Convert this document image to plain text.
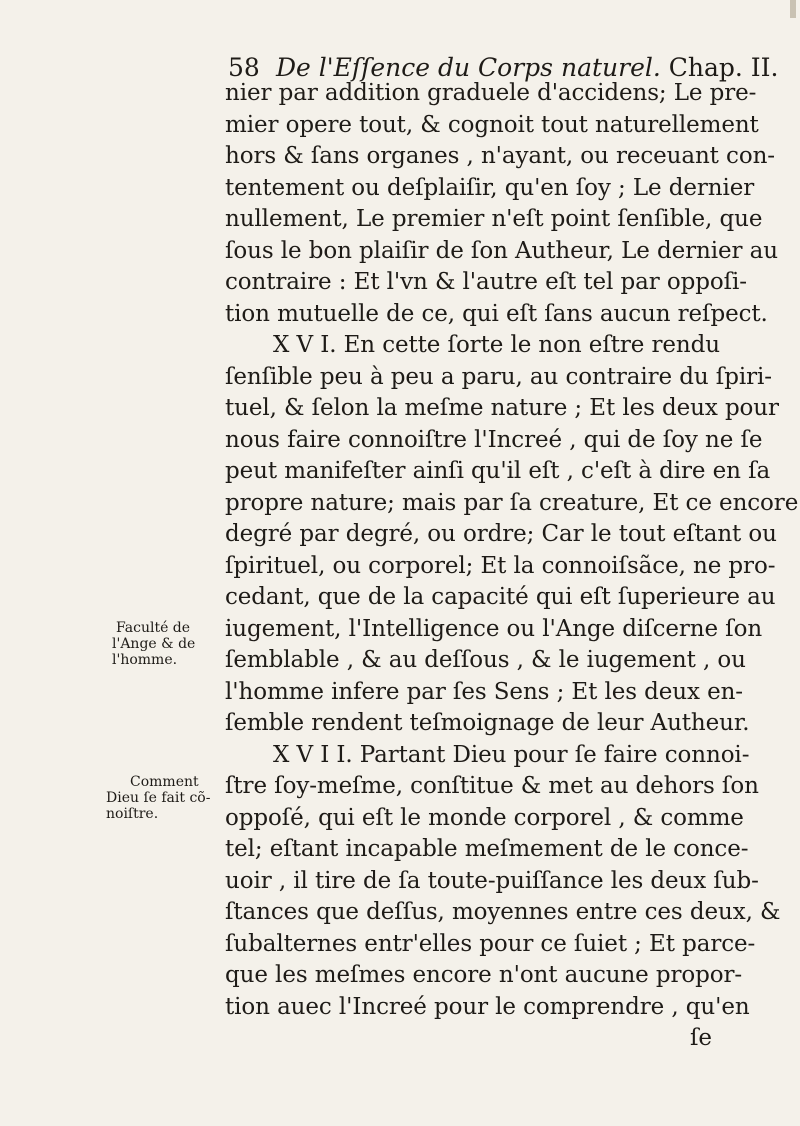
58 De l'Eſſence du Corps naturel. Chap. II.
nier par addition graduele d'accidens; Le pre-
mier opere tout, & cognoit tout naturellement
hors & ſans organes , n'ayant, ou receuant con-
tentement ou deſplaiſir, qu'en ſoy ; Le dernier
nullement, Le premier n'eſt point ſenſible, que
ſous le bon plaiſir de ſon Autheur, Le dernier au
contraire : Et l'vn & l'autre eſt tel par oppoſi-
tion mutuelle de ce, qui eſt ſans aucun reſpect.
X V I. En cette ſorte le non eſtre rendu
ſenſible peu à peu a paru, au contraire du ſpiri-
tuel, & ſelon la meſme nature ; Et les deux pour
nous faire connoiſtre l'Increé , qui de ſoy ne ſe
peut manifeſter ainſi qu'il eſt , c'eſt à dire en ſa
propre nature; mais par ſa creature, Et ce encore
degré par degré, ou ordre; Car le tout eſtant ou
ſpirituel, ou corporel; Et la connoiſsãce, ne pro-
cedant, que de la capacité qui eſt ſuperieure au
iugement, l'Intelligence ou l'Ange diſcerne ſon
ſemblable , & au deſſous , & le iugement , ou
l'homme infere par ſes Sens ; Et les deux en-
ſemble rendent teſmoignage de leur Autheur.
X V I I. Partant Dieu pour ſe faire connoi-
ſtre ſoy-meſme, conſtitue & met au dehors ſon
oppoſé, qui eſt le monde corporel , & comme
tel; eſtant incapable meſmement de le conce-
uoir , il tire de ſa toute-puiſſance les deux ſub-
ſtances que deſſus, moyennes entre ces deux, &
ſubalternes entr'elles pour ce ſuiet ; Et parce-
que les meſmes encore n'ont aucune propor-
tion auec l'Increé pour le comprendre , qu'en
ſe
Faculté de
l'Ange & de
l'homme.
Comment
Dieu ſe fait cõ-
noiſtre.
